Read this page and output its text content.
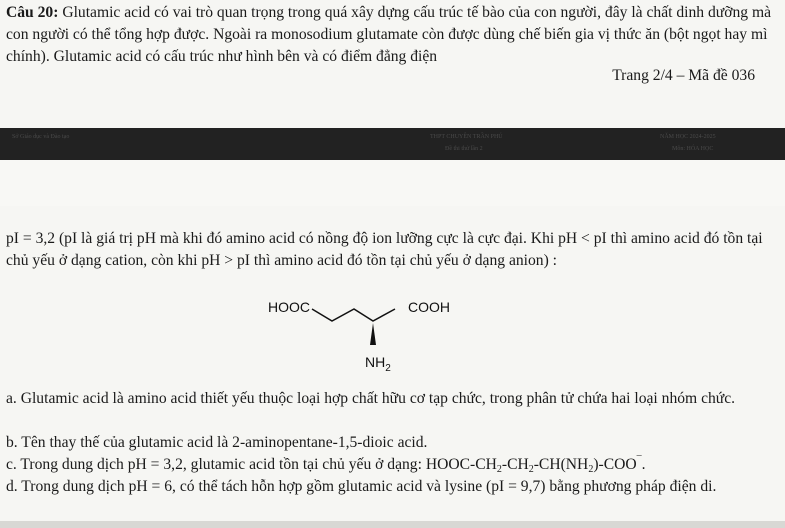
Câu 20: Glutamic acid có vai trò quan trọng trong quá xây dựng cấu trúc tế bào của con người, đây là chất dinh dưỡng mà con người có thể tổng hợp được. Ngoài ra monosodium glutamate còn được dùng chế biến gia vị thức ăn (bột ngọt hay mì chính). Glutamic acid có cấu trúc như hình bên và có điểm đẳng điện
Trang 2/4 – Mã đề 036
Sở Giáo dục và Đào tạo	THPT CHUYÊN TRẦN PHÚ	NĂM HỌC 2024-2025
Đề thi thử lần 2	Môn: HÓA HỌC
pI = 3,2 (pI là giá trị pH mà khi đó amino acid có nồng độ ion lưỡng cực là cực đại. Khi pH < pI thì amino acid đó tồn tại chủ yếu ở dạng cation, còn khi pH > pI thì amino acid đó tồn tại chủ yếu ở dạng anion) :
HOOC	COOH
$NH_2$
a. Glutamic acid là amino acid thiết yếu thuộc loại hợp chất hữu cơ tạp chức, trong phân tử chứa hai loại nhóm chức.
b. Tên thay thế của glutamic acid là 2-aminopentane-1,5-dioic acid.
c. Trong dung dịch pH = 3,2, glutamic acid tồn tại chủ yếu ở dạng: HOOC-$CH_2-CH_2-CH(NH_2)-COO^¯$.
d. Trong dung dịch pH = 6, có thể tách hỗn hợp gồm glutamic acid và lysine (pI = 9,7) bằng phương pháp điện di.
